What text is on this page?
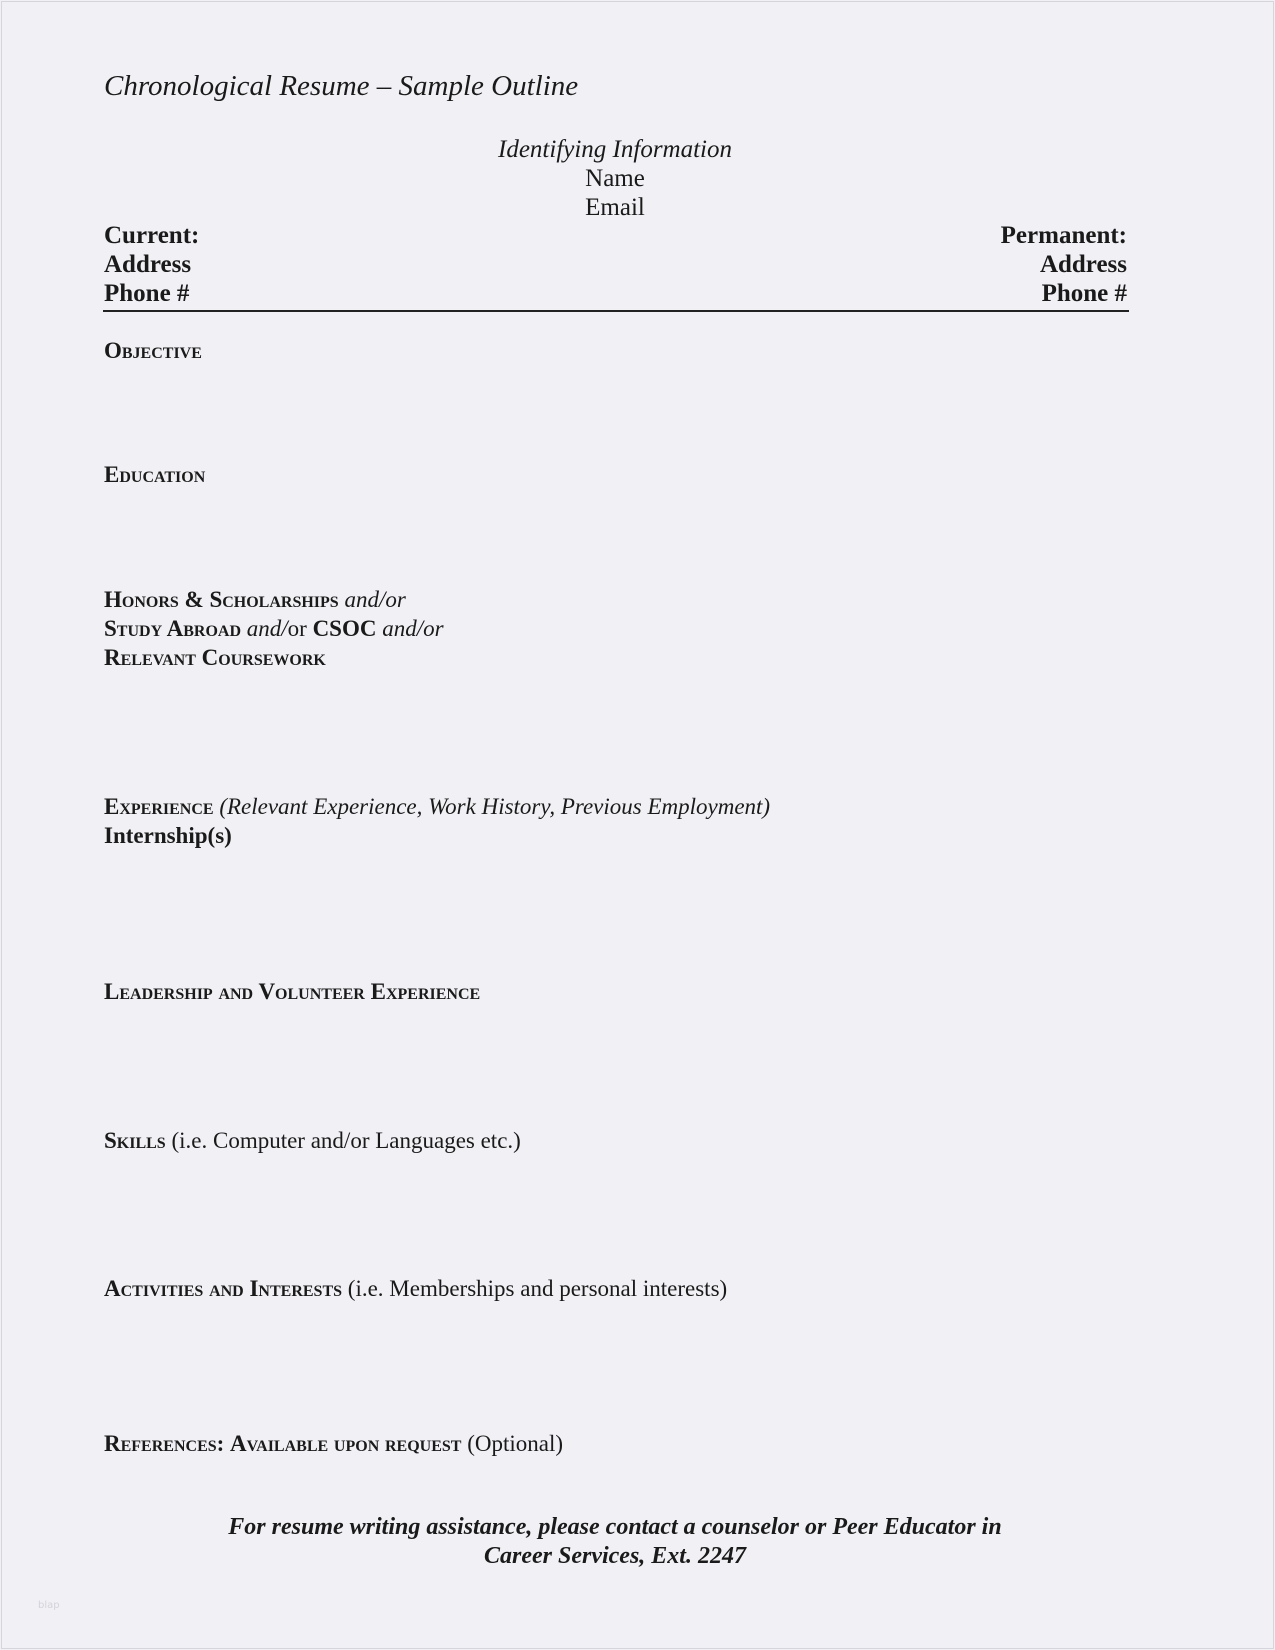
Chronological Resume – Sample Outline
Identifying Information
Name
Email
Current:
Address
Phone #
Permanent:
Address
Phone #
Objective
Education
Honors & Scholarships and/or
Study Abroad and/or CSOC and/or
Relevant Coursework
Experience (Relevant Experience, Work History, Previous Employment)
Internship(s)
Leadership and Volunteer Experience
Skills (i.e. Computer and/or Languages etc.)
Activities and Interests (i.e. Memberships and personal interests)
References: Available upon request (Optional)
For resume writing assistance, please contact a counselor or Peer Educator in
Career Services, Ext. 2247
blap
